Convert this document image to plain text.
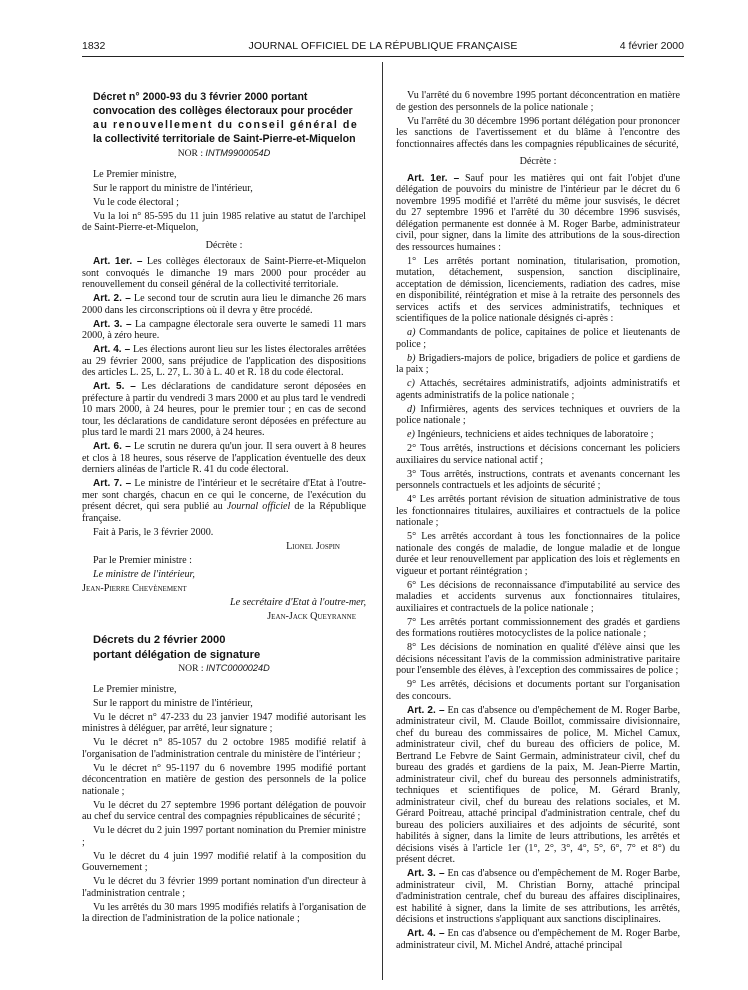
1832	JOURNAL OFFICIEL DE LA RÉPUBLIQUE FRANÇAISE	4 février 2000

Décret n° 2000-93 du 3 février 2000 portant

convocation des collèges électoraux pour procéder

au renouvellement du conseil général de

la collectivité territoriale de Saint-Pierre-et-Miquelon

NOR : INTM9900054D

Le Premier ministre,

Sur le rapport du ministre de l'intérieur,

Vu le code électoral ;

Vu la loi n° 85-595 du 11 juin 1985 relative au statut de l'archipel de Saint-Pierre-et-Miquelon,

Décrète :

Art. 1er. – Les collèges électoraux de Saint-Pierre-et-Miquelon sont convoqués le dimanche 19 mars 2000 pour procéder au renouvellement du conseil général de la collectivité territoriale.

Art. 2. – Le second tour de scrutin aura lieu le dimanche 26 mars 2000 dans les circonscriptions où il devra y être procédé.

Art. 3. – La campagne électorale sera ouverte le samedi 11 mars 2000, à zéro heure.

Art. 4. – Les élections auront lieu sur les listes électorales arrêtées au 29 février 2000, sans préjudice de l'application des dispositions des articles L. 25, L. 27, L. 30 à L. 40 et R. 18 du code électoral.

Art. 5. – Les déclarations de candidature seront déposées en préfecture à partir du vendredi 3 mars 2000 et au plus tard le vendredi 10 mars 2000, à 24 heures, pour le premier tour ; en cas de second tour, les déclarations de candidature seront déposées en préfecture au plus tard le mardi 21 mars 2000, à 24 heures.

Art. 6. – Le scrutin ne durera qu'un jour. Il sera ouvert à 8 heures et clos à 18 heures, sous réserve de l'application éventuelle des deux derniers alinéas de l'article R. 41 du code électoral.

Art. 7. – Le ministre de l'intérieur et le secrétaire d'Etat à l'outre-mer sont chargés, chacun en ce qui le concerne, de l'exécution du présent décret, qui sera publié au Journal officiel de la République française.

Fait à Paris, le 3 février 2000.

Lionel Jospin

Par le Premier ministre :

Le ministre de l'intérieur,

Jean-Pierre Chevènement

Le secrétaire d'Etat à l'outre-mer,

Jean-Jack Queyranne

Décrets du 2 février 2000

portant délégation de signature

NOR : INTC0000024D

Le Premier ministre,

Sur le rapport du ministre de l'intérieur,

Vu le décret n° 47-233 du 23 janvier 1947 modifié autorisant les ministres à déléguer, par arrêté, leur signature ;

Vu le décret n° 85-1057 du 2 octobre 1985 modifié relatif à l'organisation de l'administration centrale du ministère de l'intérieur ;

Vu le décret n° 95-1197 du 6 novembre 1995 modifié portant déconcentration en matière de gestion des personnels de la police nationale ;

Vu le décret du 27 septembre 1996 portant délégation de pouvoir au chef du service central des compagnies républicaines de sécurité ;

Vu le décret du 2 juin 1997 portant nomination du Premier ministre ;

Vu le décret du 4 juin 1997 modifié relatif à la composition du Gouvernement ;

Vu le décret du 3 février 1999 portant nomination d'un directeur à l'administration centrale ;

Vu les arrêtés du 30 mars 1995 modifiés relatifs à l'organisation de la direction de l'administration de la police nationale ;

Vu l'arrêté du 6 novembre 1995 portant déconcentration en matière de gestion des personnels de la police nationale ;

Vu l'arrêté du 30 décembre 1996 portant délégation pour prononcer les sanctions de l'avertissement et du blâme à l'encontre des fonctionnaires affectés dans les compagnies républicaines de sécurité,

Décrète :

Art. 1er. – Sauf pour les matières qui ont fait l'objet d'une délégation de pouvoirs du ministre de l'intérieur par le décret du 6 novembre 1995 modifié et l'arrêté du même jour susvisés, le décret du 27 septembre 1996 et l'arrêté du 30 décembre 1996 susvisés, délégation permanente est donnée à M. Roger Barbe, administrateur civil, pour signer, dans la limite des attributions de la sous-direction des ressources humaines :

1° Les arrêtés portant nomination, titularisation, promotion, mutation, détachement, suspension, sanction disciplinaire, acceptation de démission, licenciements, radiation des cadres, mise en disponibilité, réintégration et mise à la retraite des personnels des services actifs et des services administratifs, techniques et scientifiques de la police nationale désignés ci-après :

a) Commandants de police, capitaines de police et lieutenants de police ;

b) Brigadiers-majors de police, brigadiers de police et gardiens de la paix ;

c) Attachés, secrétaires administratifs, adjoints administratifs et agents administratifs de la police nationale ;

d) Infirmières, agents des services techniques et ouvriers de la police nationale ;

e) Ingénieurs, techniciens et aides techniques de laboratoire ;

2° Tous arrêtés, instructions et décisions concernant les policiers auxiliaires du service national actif ;

3° Tous arrêtés, instructions, contrats et avenants concernant les personnels contractuels et les adjoints de sécurité ;

4° Les arrêtés portant révision de situation administrative de tous les fonctionnaires titulaires, auxiliaires et contractuels de la police nationale ;

5° Les arrêtés accordant à tous les fonctionnaires de la police nationale des congés de maladie, de longue maladie et de longue durée et leur renouvellement par application des lois et règlements en vigueur et portant réintégration ;

6° Les décisions de reconnaissance d'imputabilité au service des maladies et accidents survenus aux fonctionnaires titulaires, auxiliaires et contractuels de la police nationale ;

7° Les arrêtés portant commissionnement des gradés et gardiens des formations routières motocyclistes de la police nationale ;

8° Les décisions de nomination en qualité d'élève ainsi que les décisions nécessitant l'avis de la commission administrative paritaire pour l'ensemble des élèves, à l'exception des commissaires de police ;

9° Les arrêtés, décisions et documents portant sur l'organisation des concours.

Art. 2. – En cas d'absence ou d'empêchement de M. Roger Barbe, administrateur civil, M. Claude Boillot, commissaire divisionnaire, chef du bureau des commissaires de police, M. Michel Camux, administrateur civil, chef du bureau des officiers de police, M. Bertrand Le Febvre de Saint Germain, administrateur civil, chef du bureau des gradés et gardiens de la paix, M. Jean-Pierre Martin, administrateur civil, chef du bureau des personnels administratifs, techniques et scientifiques de police, M. Gérard Branly, administrateur civil, chef du bureau des relations sociales, et M. Gérard Poitreau, attaché principal d'administration centrale, chef du bureau des policiers auxiliaires et des adjoints de sécurité, sont habilités à signer, dans la limite de leurs attributions, les arrêtés et décisions visés à l'article 1er (1°, 2°, 3°, 4°, 5°, 6°, 7° et 8°) du présent décret.

Art. 3. – En cas d'absence ou d'empêchement de M. Roger Barbe, administrateur civil, M. Christian Borny, attaché principal d'administration centrale, chef du bureau des affaires disciplinaires, est habilité à signer, dans la limite de ses attributions, les arrêtés, décisions et instructions s'appliquant aux sanctions disciplinaires.

Art. 4. – En cas d'absence ou d'empêchement de M. Roger Barbe, administrateur civil, M. Michel André, attaché principal
